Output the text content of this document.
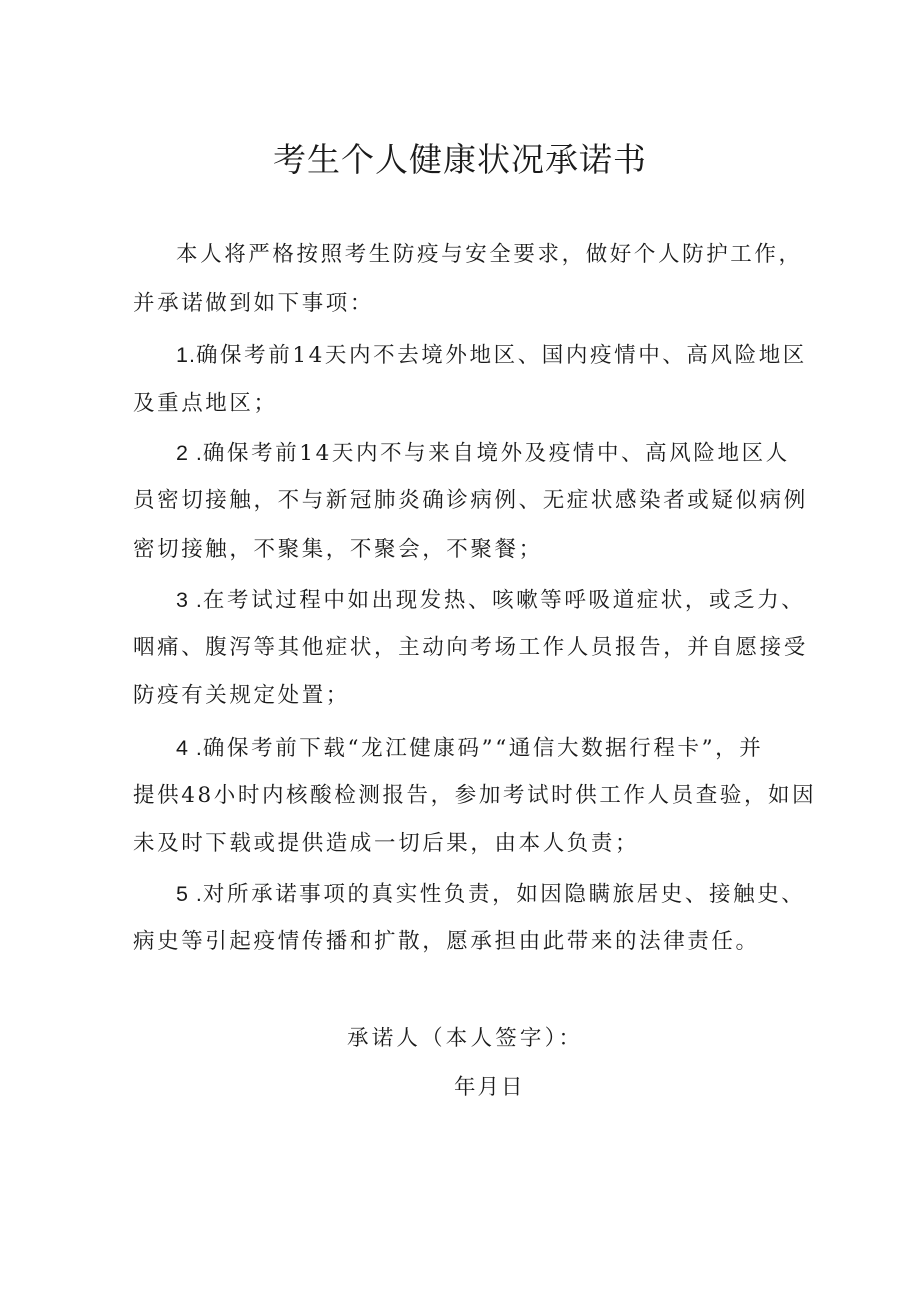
考生个人健康状况承诺书
本人将严格按照考生防疫与安全要求，做好个人防护工作，
并承诺做到如下事项：
1.确保考前14天内不去境外地区、国内疫情中、高风险地区
及重点地区；
2 .确保考前14天内不与来自境外及疫情中、高风险地区人
员密切接触，不与新冠肺炎确诊病例、无症状感染者或疑似病例
密切接触，不聚集，不聚会，不聚餐；
3 .在考试过程中如出现发热、咳嗽等呼吸道症状，或乏力、
咽痛、腹泻等其他症状，主动向考场工作人员报告，并自愿接受
防疫有关规定处置；
4 .确保考前下载“龙江健康码”“通信大数据行程卡”，并
提供48小时内核酸检测报告，参加考试时供工作人员查验，如因
未及时下载或提供造成一切后果，由本人负责；
5 .对所承诺事项的真实性负责，如因隐瞒旅居史、接触史、
病史等引起疫情传播和扩散，愿承担由此带来的法律责任。
承诺人（本人签字）：
年月日
